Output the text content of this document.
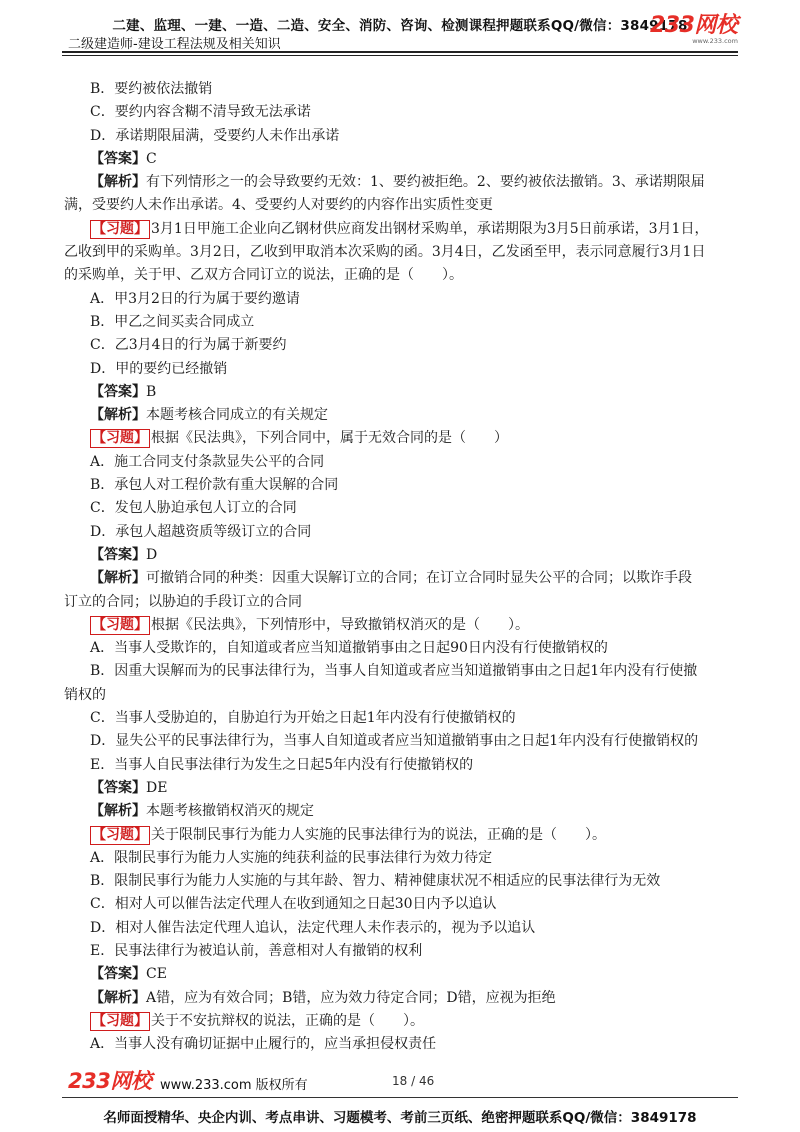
二建、监理、一建、一造、二造、安全、消防、咨询、检测课程押题联系QQ/微信：3849178
二级建造师-建设工程法规及相关知识
233网校
www.233.com
B．要约被依法撤销
C．要约内容含糊不清导致无法承诺
D．承诺期限届满，受要约人未作出承诺
【答案】C
【解析】有下列情形之一的会导致要约无效：1、要约被拒绝。2、要约被依法撤销。3、承诺期限届
满，受要约人未作出承诺。4、受要约人对要约的内容作出实质性变更
【习题】 3月1日甲施工企业向乙钢材供应商发出钢材采购单，承诺期限为3月5日前承诺，3月1日，
乙收到甲的采购单。3月2日，乙收到甲取消本次采购的函。3月4日，乙发函至甲，表示同意履行3月1日
的采购单，关于甲、乙双方合同订立的说法，正确的是（　　）。
A．甲3月2日的行为属于要约邀请
B．甲乙之间买卖合同成立
C．乙3月4日的行为属于新要约
D．甲的要约已经撤销
【答案】B
【解析】本题考核合同成立的有关规定
【习题】 根据《民法典》，下列合同中，属于无效合同的是（　　）
A．施工合同支付条款显失公平的合同
B．承包人对工程价款有重大误解的合同
C．发包人胁迫承包人订立的合同
D．承包人超越资质等级订立的合同
【答案】D
【解析】可撤销合同的种类：因重大误解订立的合同；在订立合同时显失公平的合同；以欺诈手段
订立的合同；以胁迫的手段订立的合同
【习题】 根据《民法典》，下列情形中，导致撤销权消灭的是（　　）。
A．当事人受欺诈的，自知道或者应当知道撤销事由之日起90日内没有行使撤销权的
B．因重大误解而为的民事法律行为，当事人自知道或者应当知道撤销事由之日起1年内没有行使撤
销权的
C．当事人受胁迫的，自胁迫行为开始之日起1年内没有行使撤销权的
D．显失公平的民事法律行为，当事人自知道或者应当知道撤销事由之日起1年内没有行使撤销权的
E．当事人自民事法律行为发生之日起5年内没有行使撤销权的
【答案】DE
【解析】本题考核撤销权消灭的规定
【习题】 关于限制民事行为能力人实施的民事法律行为的说法，正确的是（　　）。
A．限制民事行为能力人实施的纯获利益的民事法律行为效力待定
B．限制民事行为能力人实施的与其年龄、智力、精神健康状况不相适应的民事法律行为无效
C．相对人可以催告法定代理人在收到通知之日起30日内予以追认
D．相对人催告法定代理人追认，法定代理人未作表示的，视为予以追认
E．民事法律行为被追认前，善意相对人有撤销的权利
【答案】CE
【解析】A错，应为有效合同；B错，应为效力待定合同；D错，应视为拒绝
【习题】 关于不安抗辩权的说法，正确的是（　　）。
A．当事人没有确切证据中止履行的，应当承担侵权责任
233网校 www.233.com 版权所有	18 / 46
名师面授精华、央企内训、考点串讲、习题模考、考前三页纸、绝密押题联系QQ/微信：3849178
